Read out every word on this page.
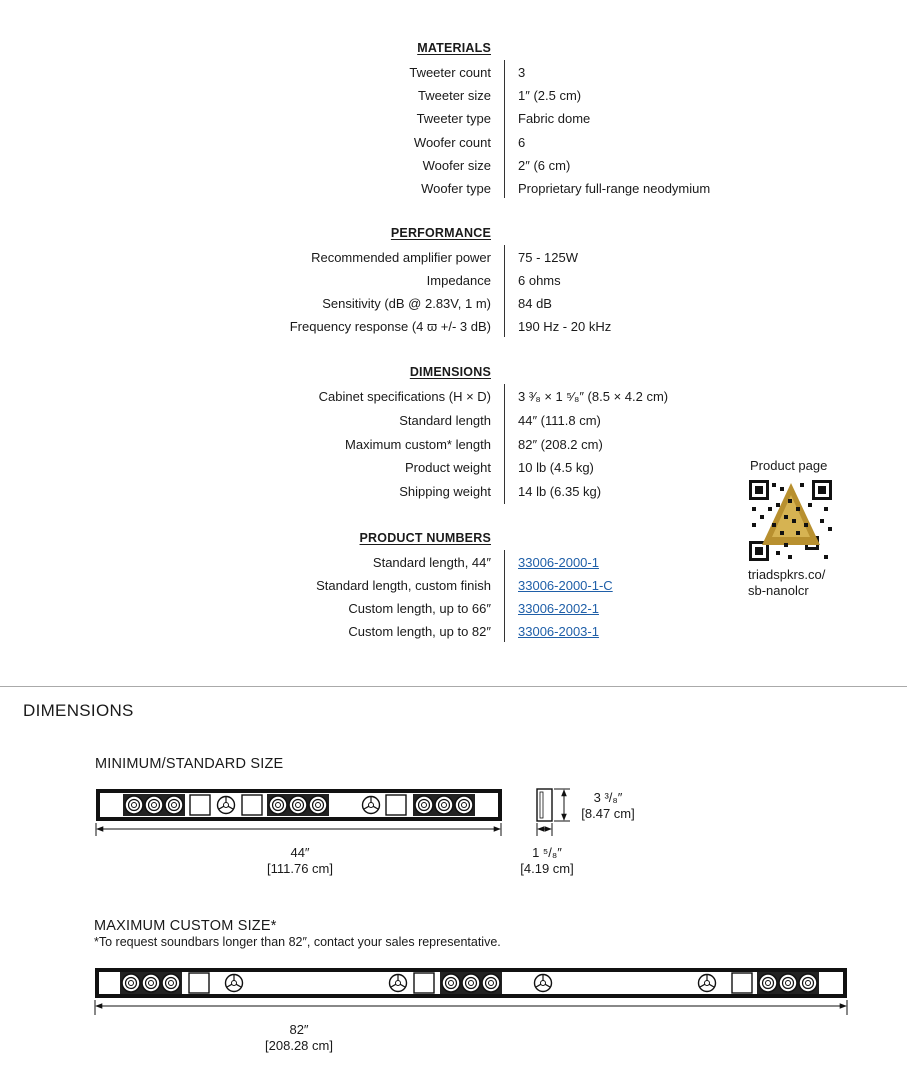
MATERIALS
Tweeter count 3
Tweeter size 1″ (2.5 cm)
Tweeter type Fabric dome
Woofer count 6
Woofer size 2″ (6 cm)
Woofer type Proprietary full-range neodymium
PERFORMANCE
Recommended amplifier power 75 - 125W
Impedance 6 ohms
Sensitivity (dB @ 2.83V, 1 m) 84 dB
Frequency response (4 ϖ +/- 3 dB) 190 Hz - 20 kHz
DIMENSIONS
Cabinet specifications (H × D) 3 ³⁄₈ × 1 ⁵⁄₈″ (8.5 × 4.2 cm)
Standard length 44″ (111.8 cm)
Maximum custom* length 82″ (208.2 cm)
Product weight 10 lb (4.5 kg)
Shipping weight 14 lb (6.35 kg)
PRODUCT NUMBERS
Standard length, 44″ 33006-2000-1
Standard length, custom finish 33006-2000-1-C
Custom length, up to 66″ 33006-2002-1
Custom length, up to 82″ 33006-2003-1
Product page
triadspkrs.co/
sb-nanolcr
DIMENSIONS
MINIMUM/STANDARD SIZE
44″
[111.76 cm]
3 ³/₈″
[8.47 cm]
1 ⁵/₈″
[4.19 cm]
MAXIMUM CUSTOM SIZE*
*To request soundbars longer than 82″, contact your sales representative.
82″
[208.28 cm]
